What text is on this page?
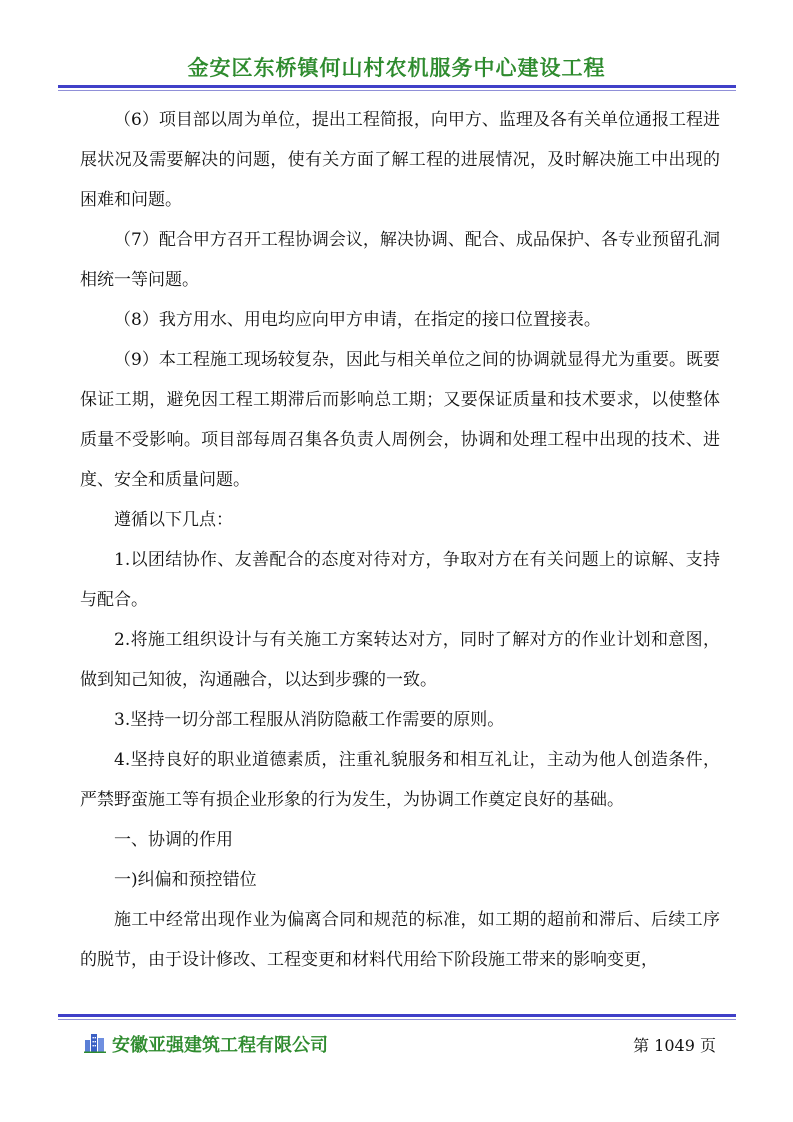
金安区东桥镇何山村农机服务中心建设工程

（6）项目部以周为单位，提出工程简报，向甲方、监理及各有关单位通报工程进展状况及需要解决的问题，使有关方面了解工程的进展情况，及时解决施工中出现的困难和问题。

（7）配合甲方召开工程协调会议，解决协调、配合、成品保护、各专业预留孔洞相统一等问题。

（8）我方用水、用电均应向甲方申请，在指定的接口位置接表。

（9）本工程施工现场较复杂，因此与相关单位之间的协调就显得尤为重要。既要保证工期，避免因工程工期滞后而影响总工期；又要保证质量和技术要求，以使整体质量不受影响。项目部每周召集各负责人周例会，协调和处理工程中出现的技术、进度、安全和质量问题。

遵循以下几点：

1.以团结协作、友善配合的态度对待对方，争取对方在有关问题上的谅解、支持与配合。

2.将施工组织设计与有关施工方案转达对方，同时了解对方的作业计划和意图，做到知己知彼，沟通融合，以达到步骤的一致。

3.坚持一切分部工程服从消防隐蔽工作需要的原则。

4.坚持良好的职业道德素质，注重礼貌服务和相互礼让，主动为他人创造条件，严禁野蛮施工等有损企业形象的行为发生，为协调工作奠定良好的基础。

一、协调的作用

一)纠偏和预控错位

施工中经常出现作业为偏离合同和规范的标准，如工期的超前和滞后、后续工序的脱节，由于设计修改、工程变更和材料代用给下阶段施工带来的影响变更，

安徽亚强建筑工程有限公司	第 1049 页
